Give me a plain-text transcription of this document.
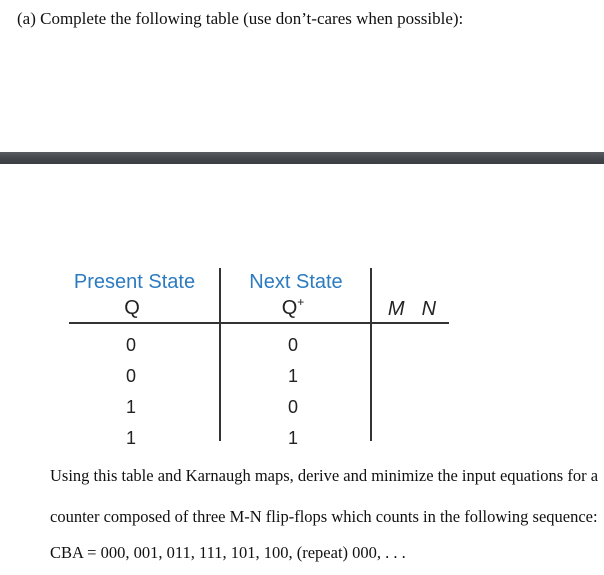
(a) Complete the following table (use don’t-cares when possible):
Present State	Next State
Q	Q+	M  N
0	0
0	1
1	0
1	1
Using this table and Karnaugh maps, derive and minimize the input equations for a
counter composed of three M-N flip-flops which counts in the following sequence:
CBA = 000, 001, 011, 111, 101, 100, (repeat) 000, . . .
